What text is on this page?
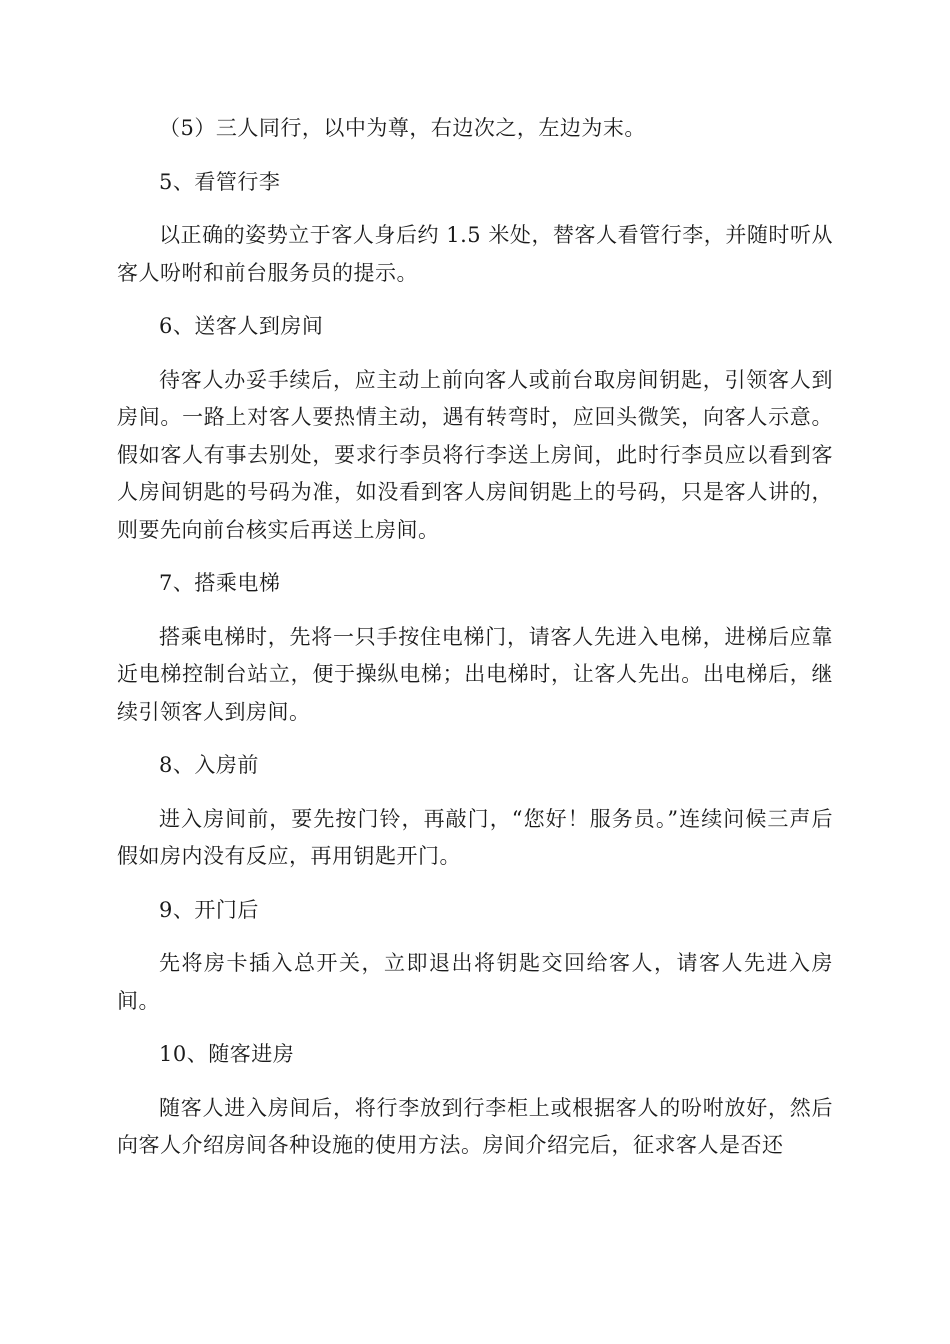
（5）三人同行，以中为尊，右边次之，左边为末。

5、看管行李

以正确的姿势立于客人身后约 1.5 米处，替客人看管行李，并随时听从客人吩咐和前台服务员的提示。

6、送客人到房间

待客人办妥手续后，应主动上前向客人或前台取房间钥匙，引领客人到房间。一路上对客人要热情主动，遇有转弯时，应回头微笑，向客人示意。假如客人有事去别处，要求行李员将行李送上房间，此时行李员应以看到客人房间钥匙的号码为准，如没看到客人房间钥匙上的号码，只是客人讲的，则要先向前台核实后再送上房间。

7、搭乘电梯

搭乘电梯时，先将一只手按住电梯门，请客人先进入电梯，进梯后应靠近电梯控制台站立，便于操纵电梯；出电梯时，让客人先出。出电梯后，继续引领客人到房间。

8、入房前

进入房间前，要先按门铃，再敲门，“您好！服务员。”连续问候三声后假如房内没有反应，再用钥匙开门。

9、开门后

先将房卡插入总开关，立即退出将钥匙交回给客人，请客人先进入房间。

10、随客进房

随客人进入房间后，将行李放到行李柜上或根据客人的吩咐放好，然后向客人介绍房间各种设施的使用方法。房间介绍完后，征求客人是否还
